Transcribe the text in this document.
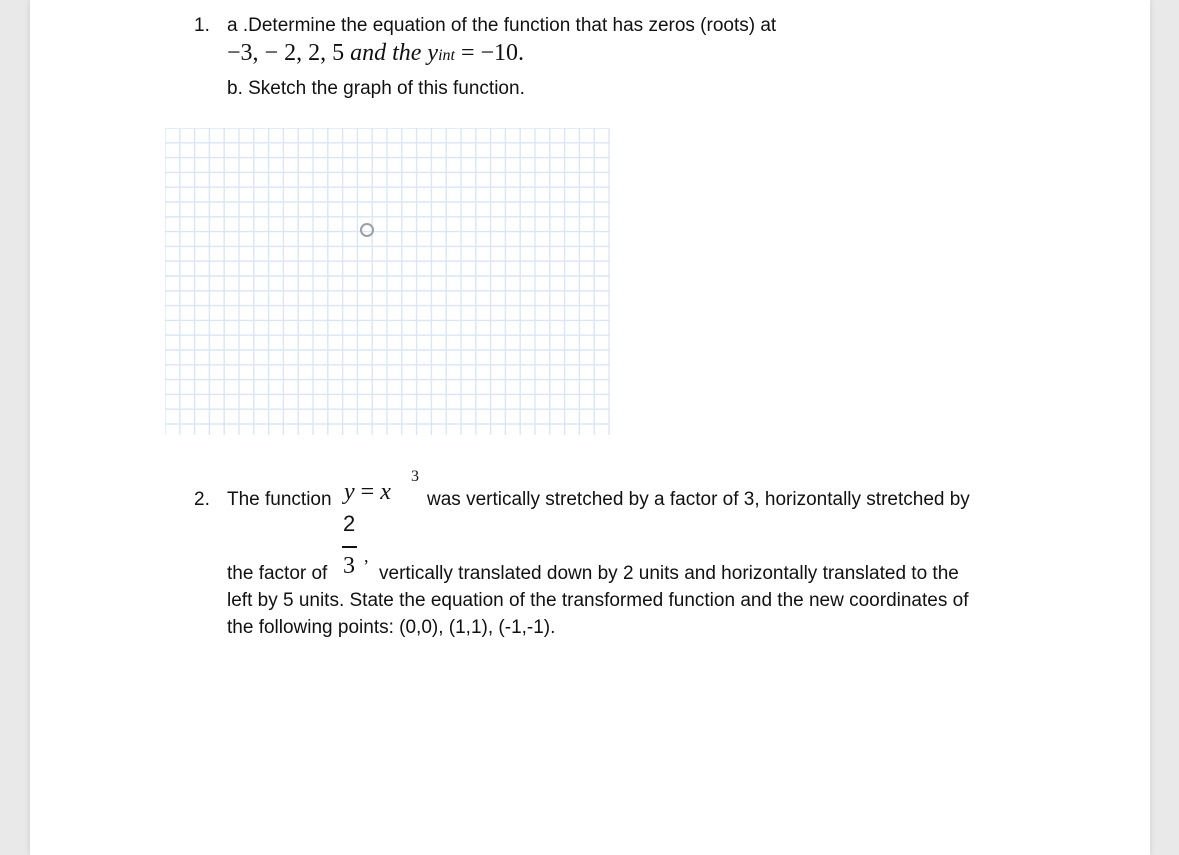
1. a .Determine the equation of the function that has zeros (roots) at
−3, − 2, 2, 5 and the yint = −10.
b. Sketch the graph of this function.
2. The function y = x
3
was vertically stretched by a factor of 3, horizontally stretched by
2
3 ,
the factor of	vertically translated down by 2 units and horizontally translated to the
left by 5 units. State the equation of the transformed function and the new coordinates of
the following points: (0,0), (1,1), (-1,-1).
